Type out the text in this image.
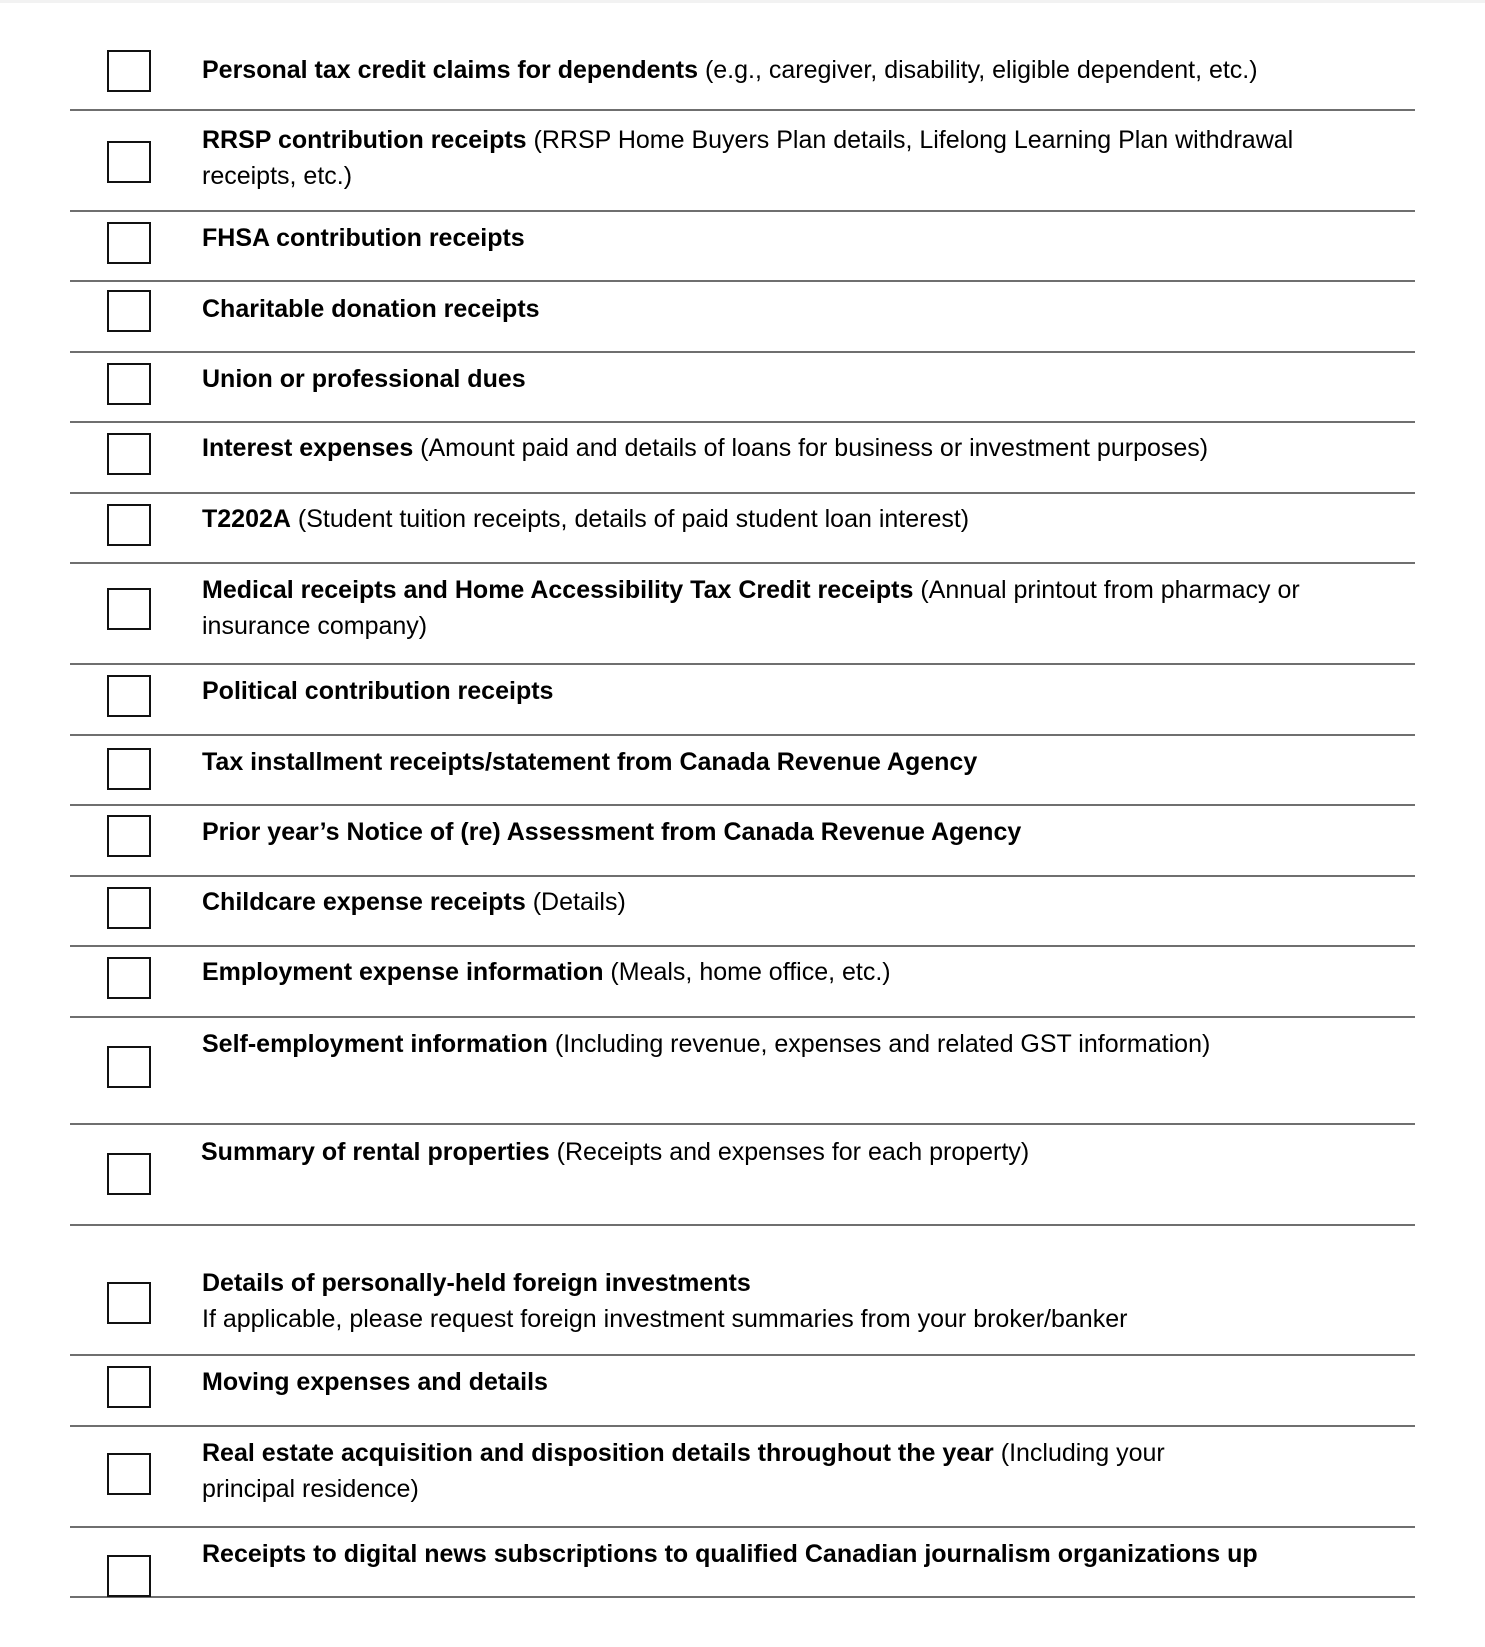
Personal tax credit claims for dependents (e.g., caregiver, disability, eligible dependent, etc.)
RRSP contribution receipts (RRSP Home Buyers Plan details, Lifelong Learning Plan withdrawal receipts, etc.)
FHSA contribution receipts
Charitable donation receipts
Union or professional dues
Interest expenses (Amount paid and details of loans for business or investment purposes)
T2202A (Student tuition receipts, details of paid student loan interest)
Medical receipts and Home Accessibility Tax Credit receipts (Annual printout from pharmacy or insurance company)
Political contribution receipts
Tax installment receipts/statement from Canada Revenue Agency
Prior year’s Notice of (re) Assessment from Canada Revenue Agency
Childcare expense receipts (Details)
Employment expense information (Meals, home office, etc.)
Self-employment information (Including revenue, expenses and related GST information)
Summary of rental properties (Receipts and expenses for each property)
Details of personally-held foreign investments
If applicable, please request foreign investment summaries from your broker/banker
Moving expenses and details
Real estate acquisition and disposition details throughout the year (Including your principal residence)
Receipts to digital news subscriptions to qualified Canadian journalism organizations up
